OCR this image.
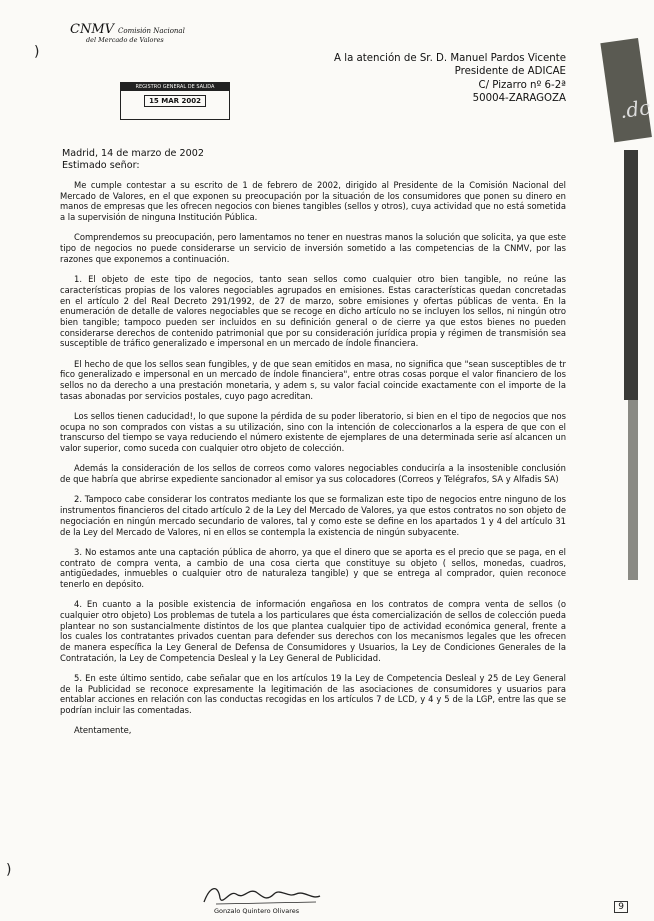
CNMV Comisión Nacional
del Mercado de Valores
REGISTRO GENERAL DE SALIDA
15 MAR 2002
A la atención de Sr. D. Manuel Pardos Vicente
Presidente de ADICAE
C/ Pizarro nº 6-2ª
50004-ZARAGOZA	.dc
)
)
Madrid, 14 de marzo de 2002
Estimado señor:

Me cumple contestar a su escrito de 1 de febrero de 2002, dirigido al Presidente de la Comisión Nacional del Mercado de Valores, en el que exponen su preocupación por la situación de los consumidores que ponen su dinero en manos de empresas que les ofrecen negocios con bienes tangibles (sellos y otros), cuya actividad que no está sometida a la supervisión de ninguna Institución Pública.

Comprendemos su preocupación, pero lamentamos no tener en nuestras manos la solución que solicita, ya que este tipo de negocios no puede considerarse un servicio de inversión sometido a las competencias de la CNMV, por las razones que exponemos a continuación.

1. El objeto de este tipo de negocios, tanto sean sellos como cualquier otro bien tangible, no reúne las características propias de los valores negociables agrupados en emisiones. Estas características quedan concretadas en el artículo 2 del Real Decreto 291/1992, de 27 de marzo, sobre emisiones y ofertas públicas de venta. En la enumeración de detalle de valores negociables que se recoge en dicho artículo no se incluyen los sellos, ni ningún otro bien tangible; tampoco pueden ser incluidos en su definición general o de cierre ya que estos bienes no pueden considerarse derechos de contenido patrimonial que por su consideración jurídica propia y régimen de transmisión sea susceptible de tráfico generalizado e impersonal en un mercado de índole financiera.

El hecho de que los sellos sean fungibles, y de que sean emitidos en masa, no significa que "sean susceptibles de tr fico generalizado e impersonal en un mercado de índole financiera", entre otras cosas porque el valor financiero de los sellos no da derecho a una prestación monetaria, y adem s, su valor facial coincide exactamente con el importe de la tasas abonadas por servicios postales, cuyo pago acreditan.

Los sellos tienen caducidad!, lo que supone la pérdida de su poder liberatorio, si bien en el tipo de negocios que nos ocupa no son comprados con vistas a su utilización, sino con la intención de coleccionarlos a la espera de que con el transcurso del tiempo se vaya reduciendo el número existente de ejemplares de una determinada serie así alcancen un valor superior, como suceda con cualquier otro objeto de colección.

Además la consideración de los sellos de correos como valores negociables conduciría a la insostenible conclusión de que habría que abrirse expediente sancionador al emisor ya sus colocadores (Correos y Telégrafos, SA y Alfadis SA)

2. Tampoco cabe considerar los contratos mediante los que se formalizan este tipo de negocios entre ninguno de los instrumentos financieros del citado artículo 2 de la Ley del Mercado de Valores, ya que estos contratos no son objeto de negociación en ningún mercado secundario de valores, tal y como este se define en los apartados 1 y 4 del artículo 31 de la Ley del Mercado de Valores, ni en ellos se contempla la existencia de ningún subyacente.

3. No estamos ante una captación pública de ahorro, ya que el dinero que se aporta es el precio que se paga, en el contrato de compra venta, a cambio de una cosa cierta que constituye su objeto ( sellos, monedas, cuadros, antigüedades, inmuebles o cualquier otro de naturaleza tangible) y que se entrega al comprador, quien reconoce tenerlo en depósito.

4. En cuanto a la posible existencia de información engañosa en los contratos de compra venta de sellos (o cualquier otro objeto) Los problemas de tutela a los particulares que ésta comercialización de sellos de colección pueda plantear no son sustancialmente distintos de los que plantea cualquier tipo de actividad económica general, frente a los cuales los contratantes privados cuentan para defender sus derechos con los mecanismos legales que les ofrecen de manera específica la Ley General de Defensa de Consumidores y Usuarios, la Ley de Condiciones Generales de la Contratación, la Ley de Competencia Desleal y la Ley General de Publicidad.

5. En este último sentido, cabe señalar que en los artículos 19 la Ley de Competencia Desleal y 25 de Ley General de la Publicidad se reconoce expresamente la legitimación de las asociaciones de consumidores y usuarios para entablar acciones en relación con las conductas recogidas en los artículos 7 de LCD, y 4 y 5 de la LGP, entre las que se podrían incluir las comentadas.

Atentamente,

Gonzalo Quintero Olivares	9
